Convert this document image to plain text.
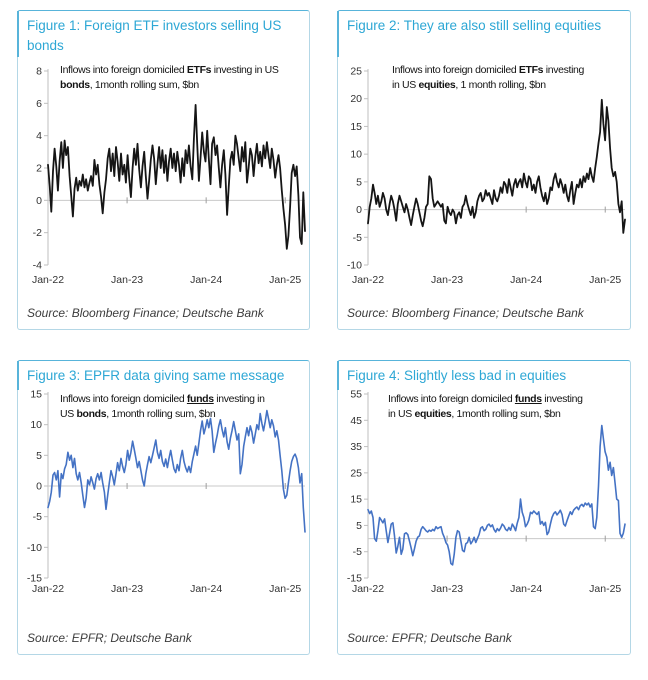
Figure 1: Foreign ETF investors selling US bonds
Inflows into foreign domiciled ETFs investing in US
bonds, 1month rolling sum, $bn
8
6
4
2
0
-2
-4
Jan-22	Jan-23	Jan-24	Jan-25
Source: Bloomberg Finance; Deutsche Bank
Figure 2: They are also still selling equities
Inflows into foreign domiciled ETFs investing
in US equities, 1 month rolling, $bn
25
20
15
10
5
0
-5
-10
Jan-22	Jan-23	Jan-24	Jan-25
Source: Bloomberg Finance; Deutsche Bank
Figure 3: EPFR data giving same message
Inflows into foreign domiciled funds investing in
US bonds, 1month rolling sum, $bn
15
10
5
0
-5
-10
-15
Jan-22	Jan-23	Jan-24	Jan-25
Source: EPFR; Deutsche Bank
Figure 4: Slightly less bad in equities
Inflows into foreign domiciled funds investing
in US equities, 1month rolling sum, $bn
55
45
35
25
15
5
-5
-15
Jan-22	Jan-23	Jan-24	Jan-25
Source: EPFR; Deutsche Bank
